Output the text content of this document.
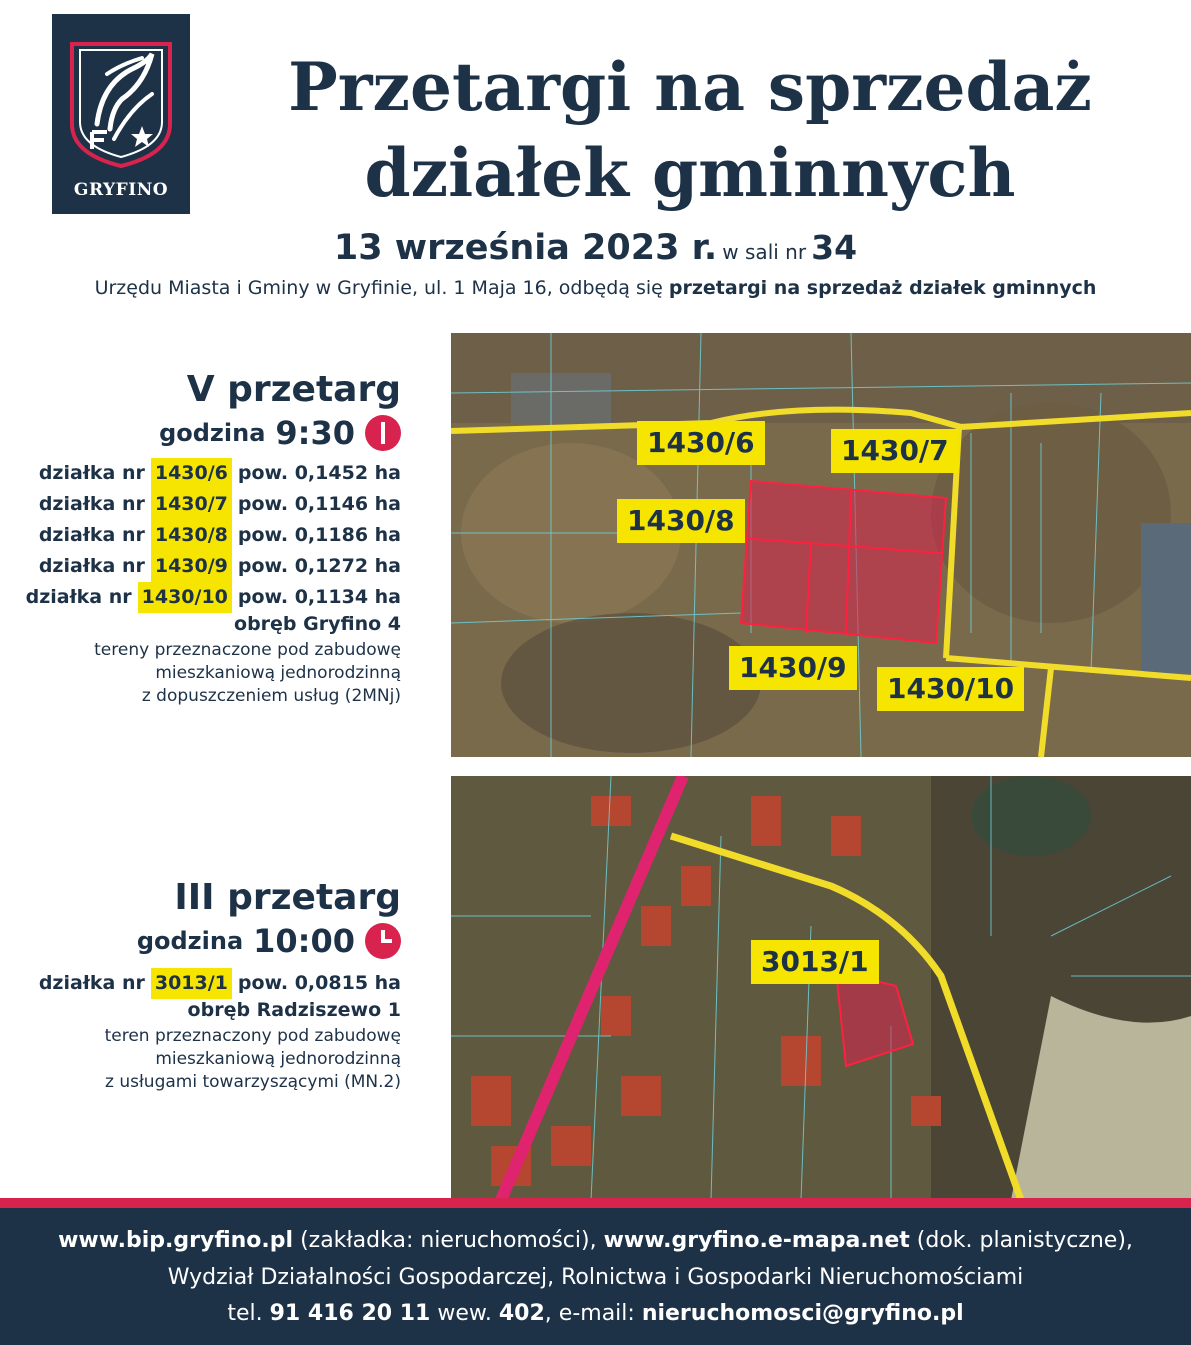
GRYFINO
Przetargi na sprzedaż
działek gminnych
13 września 2023 r. w sali nr 34
Urzędu Miasta i Gminy w Gryfinie, ul. 1 Maja 16, odbędą się przetargi na sprzedaż działek gminnych
V przetarg
godzina 9:30
działka nr 1430/6 pow. 0,1452 ha
działka nr 1430/7 pow. 0,1146 ha
działka nr 1430/8 pow. 0,1186 ha
działka nr 1430/9 pow. 0,1272 ha
działka nr 1430/10 pow. 0,1134 ha
obręb Gryfino 4
tereny przeznaczone pod zabudowę
mieszkaniową jednorodzinną
z dopuszczeniem usług (2MNj)
III przetarg
godzina 10:00
działka nr 3013/1 pow. 0,0815 ha
obręb Radziszewo 1
teren przeznaczony pod zabudowę
mieszkaniową jednorodzinną
z usługami towarzyszącymi (MN.2)
1430/6	1430/7
1430/8
1430/9
1430/10
3013/1
www.bip.gryfino.pl (zakładka: nieruchomości), www.gryfino.e-mapa.net (dok. planistyczne),
Wydział Działalności Gospodarczej, Rolnictwa i Gospodarki Nieruchomościami
tel. 91 416 20 11 wew. 402, e-mail: nieruchomosci@gryfino.pl
